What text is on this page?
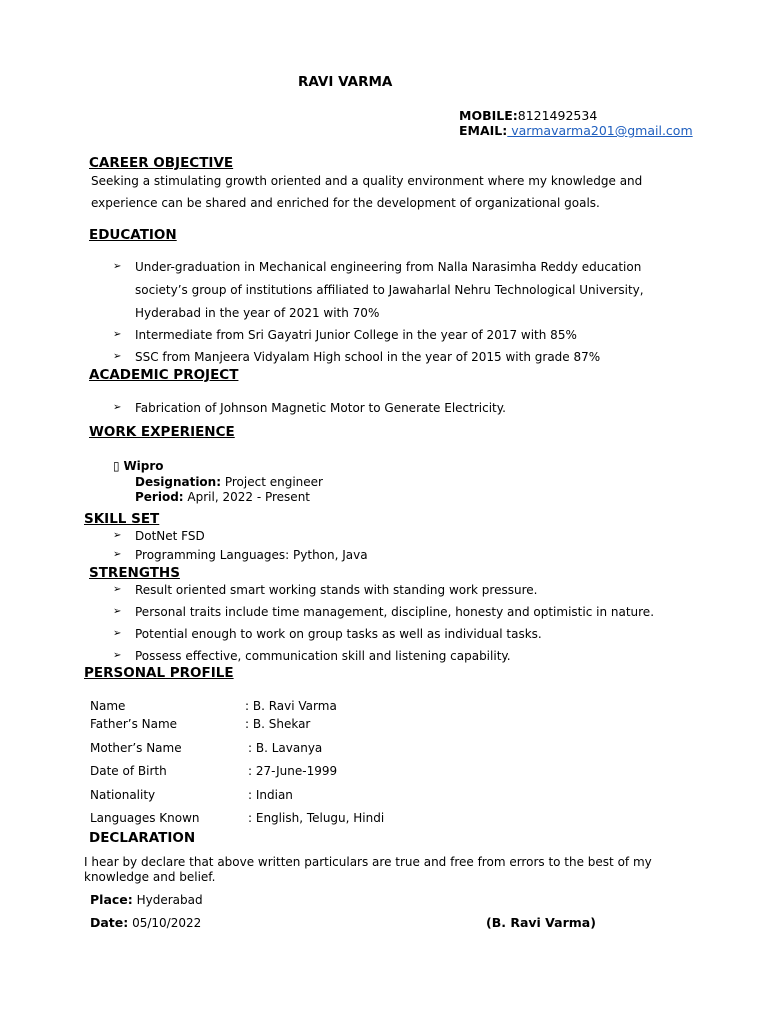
RAVI VARMA
MOBILE:8121492534
EMAIL: varmavarma201@gmail.com
CAREER OBJECTIVE
Seeking a stimulating growth oriented and a quality environment where my knowledge and
experience can be shared and enriched for the development of organizational goals.
EDUCATION
➢ Under-graduation in Mechanical engineering from Nalla Narasimha Reddy education
society’s group of institutions affiliated to Jawaharlal Nehru Technological University,
Hyderabad in the year of 2021 with 70%
➢ Intermediate from Sri Gayatri Junior College in the year of 2017 with 85%
➢ SSC from Manjeera Vidyalam High school in the year of 2015 with grade 87%
ACADEMIC PROJECT
➢ Fabrication of Johnson Magnetic Motor to Generate Electricity.
WORK EXPERIENCE
▯ Wipro
Designation: Project engineer
Period: April, 2022 - Present
SKILL SET
➢ DotNet FSD
➢ Programming Languages: Python, Java
STRENGTHS
➢ Result oriented smart working stands with standing work pressure.
➢ Personal traits include time management, discipline, honesty and optimistic in nature.
➢ Potential enough to work on group tasks as well as individual tasks.
➢ Possess effective, communication skill and listening capability.
PERSONAL PROFILE
Name	: B. Ravi Varma
Father’s Name	: B. Shekar
Mother’s Name	: B. Lavanya
Date of Birth	: 27-June-1999
Nationality	: Indian
Languages Known	: English, Telugu, Hindi
DECLARATION
I hear by declare that above written particulars are true and free from errors to the best of my
knowledge and belief.
Place: Hyderabad
Date: 05/10/2022	(B. Ravi Varma)
